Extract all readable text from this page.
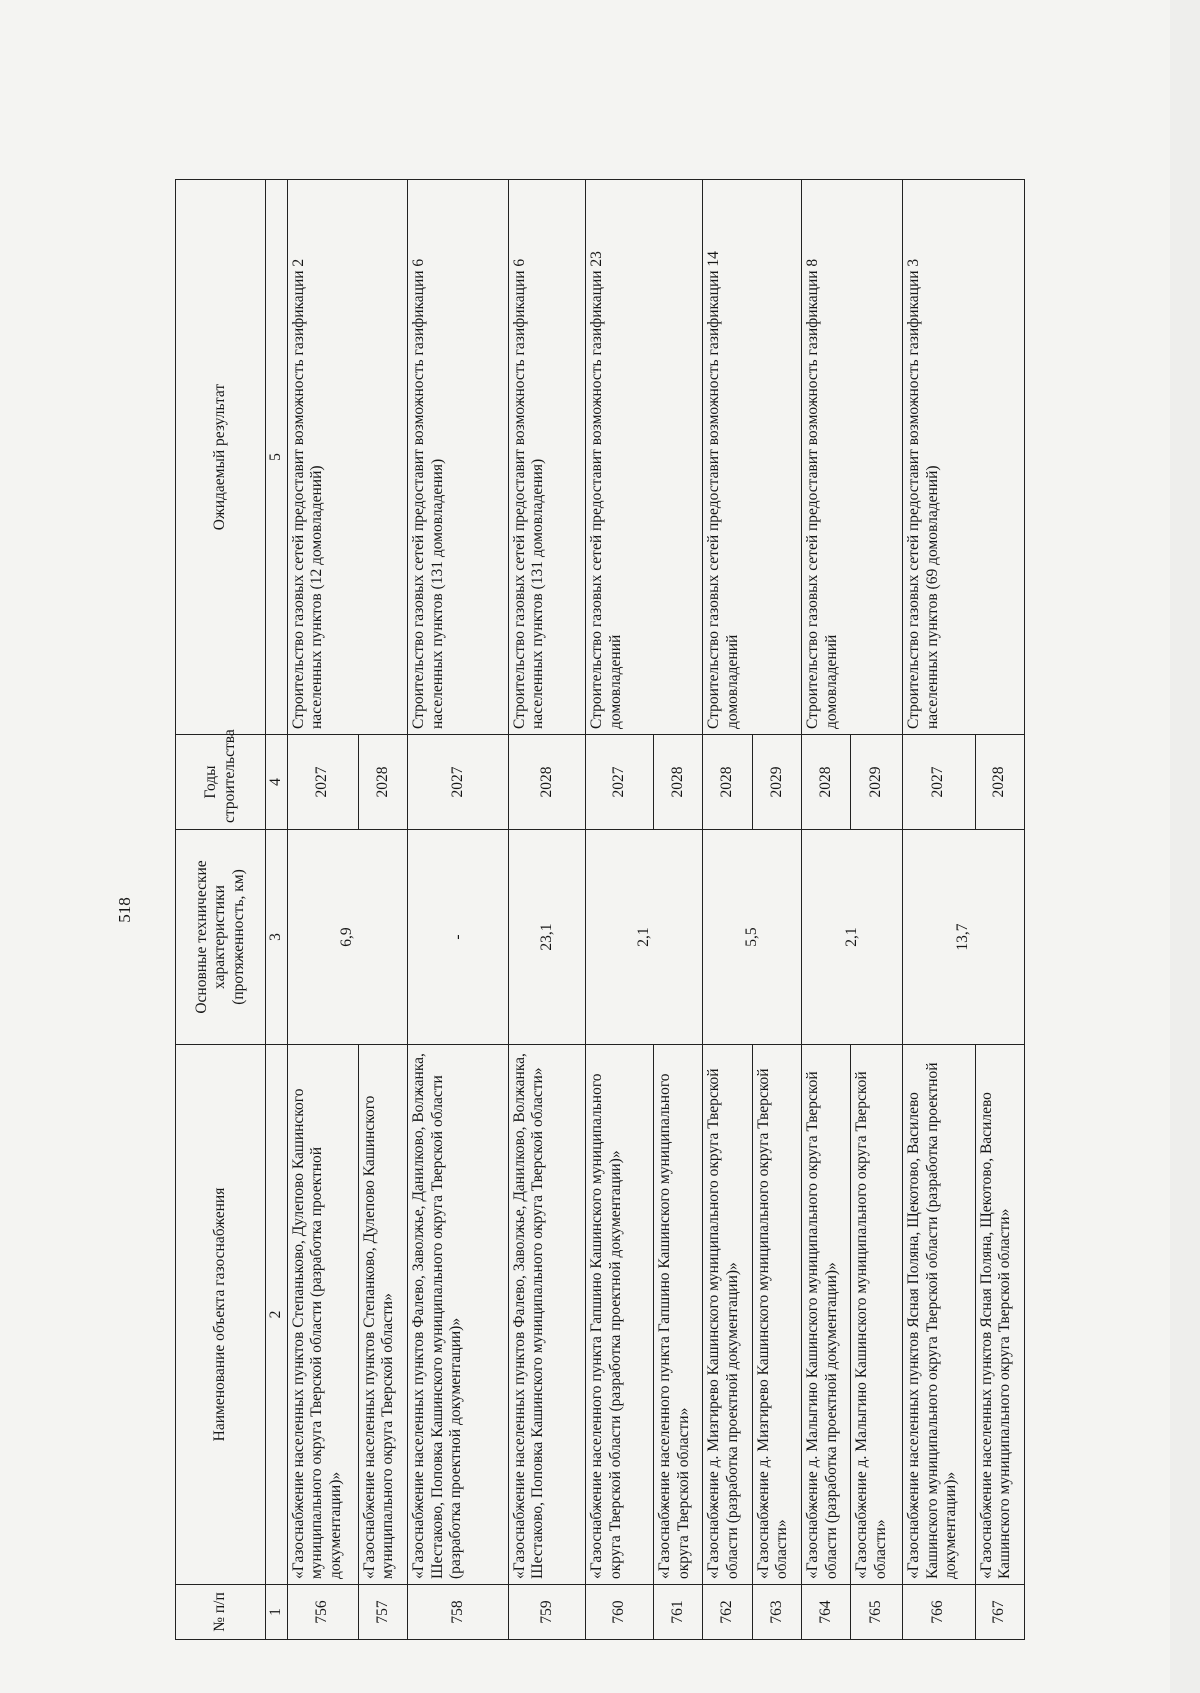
518
№ п/п	Наименование объекта газоснабжения	Основные технические характеристики (протяженность, км)	Годы строительства	Ожидаемый результат
1	2	3	4	5
756	«Газоснабжение населенных пунктов Степаньково, Дулепово Кашинского муниципального округа Тверской области (разработка проектной документации)»	6,9	2027	Строительство газовых сетей предоставит возможность газификации 2 населенных пунктов (12 домовладений)
757	«Газоснабжение населенных пунктов Степанково, Дулепово Кашинского муниципального округа Тверской области»		2028	
758	«Газоснабжение населенных пунктов Фалево, Заволжье, Данилково, Волжанка, Шестаково, Поповка Кашинского муниципального округа Тверской области (разработка проектной документации)»	-	2027	Строительство газовых сетей предоставит возможность газификации 6 населенных пунктов (131 домовладения)
759	«Газоснабжение населенных пунктов Фалево, Заволжье, Данилково, Волжанка, Шестаково, Поповка Кашинского муниципального округа Тверской области»	23,1	2028	Строительство газовых сетей предоставит возможность газификации 6 населенных пунктов (131 домовладения)
760	«Газоснабжение населенного пункта Гапшино Кашинского муниципального округа Тверской области (разработка проектной документации)»	2,1	2027	Строительство газовых сетей предоставит возможность газификации 23 домовладений
761	«Газоснабжение населенного пункта Гапшино Кашинского муниципального округа Тверской области»		2028	
762	«Газоснабжение д. Мизгирево Кашинского муниципального округа Тверской области (разработка проектной документации)»	5,5	2028	Строительство газовых сетей предоставит возможность газификации 14 домовладений
763	«Газоснабжение д. Мизгирево Кашинского муниципального округа Тверской области»		2029	
764	«Газоснабжение д. Малыгино Кашинского муниципального округа Тверской области (разработка проектной документации)»	2,1	2028	Строительство газовых сетей предоставит возможность газификации 8 домовладений
765	«Газоснабжение д. Малыгино Кашинского муниципального округа Тверской области»		2029	
766	«Газоснабжение населенных пунктов Ясная Поляна, Щекотово, Василево Кашинского муниципального округа Тверской области (разработка проектной документации)»	13,7	2027	Строительство газовых сетей предоставит возможность газификации 3 населенных пунктов (69 домовладений)
767	«Газоснабжение населенных пунктов Ясная Поляна, Щекотово, Василево Кашинского муниципального округа Тверской области»		2028	
